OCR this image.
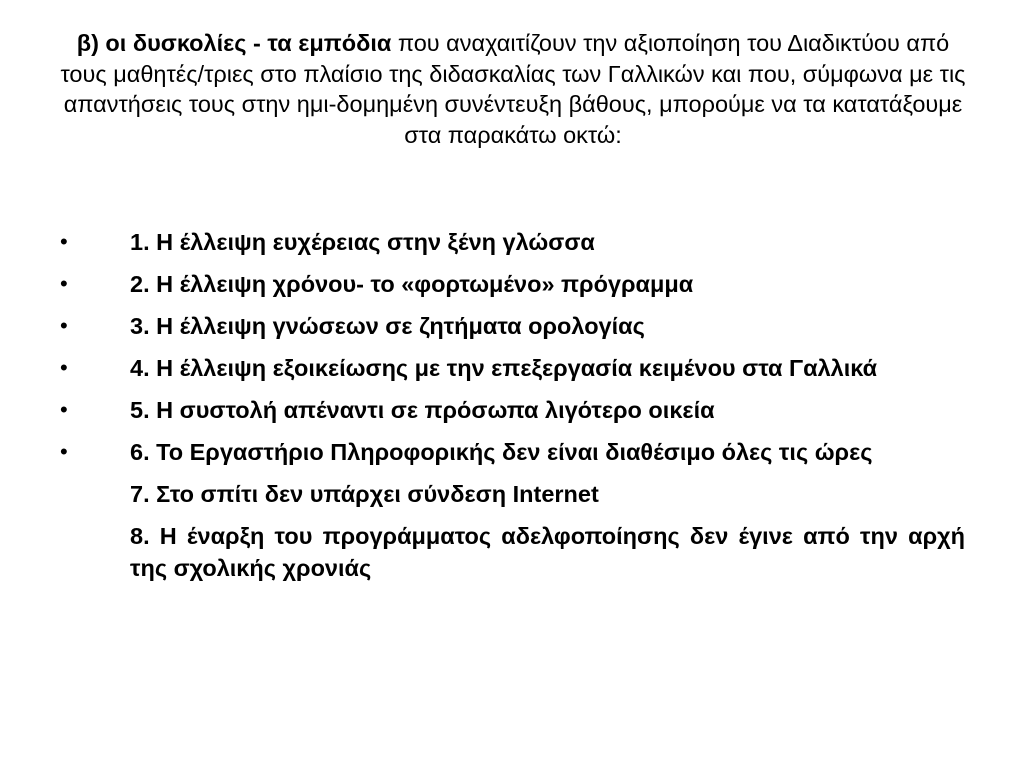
β) οι δυσκολίες - τα εμπόδια που αναχαιτίζουν την αξιοποίηση του Διαδικτύου από τους μαθητές/τριες στο πλαίσιο της διδασκαλίας των Γαλλικών και που, σύμφωνα με τις απαντήσεις τους στην ημι-δομημένη συνέντευξη βάθους, μπορούμε να τα κατατάξουμε στα παρακάτω οκτώ:
•	1. Η έλλειψη ευχέρειας στην ξένη γλώσσα
•	2. Η έλλειψη χρόνου- το «φορτωμένο» πρόγραμμα
•	3. Η έλλειψη γνώσεων σε ζητήματα ορολογίας
•	4. Η έλλειψη εξοικείωσης με την επεξεργασία κειμένου στα Γαλλικά
•	5. Η συστολή απέναντι σε πρόσωπα λιγότερο οικεία
•	6. Το Εργαστήριο Πληροφορικής δεν είναι διαθέσιμο όλες τις ώρες
7. Στο σπίτι δεν υπάρχει σύνδεση Internet
8. Η έναρξη του προγράμματος αδελφοποίησης δεν έγινε από την αρχή της σχολικής χρονιάς
